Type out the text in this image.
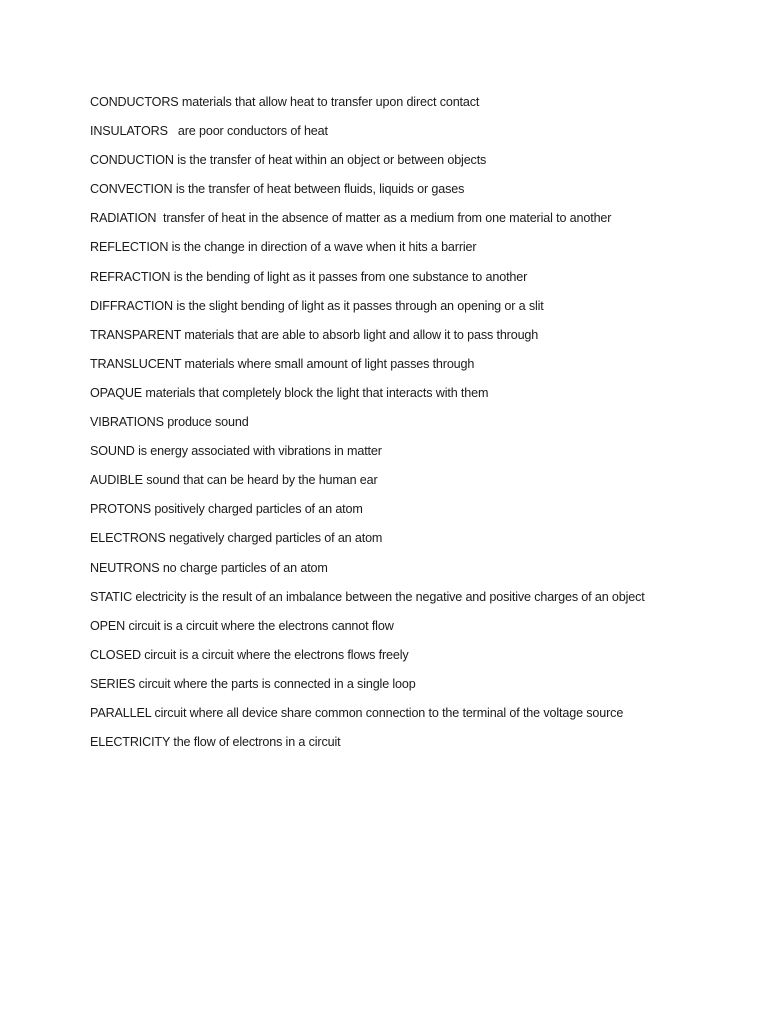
CONDUCTORS materials that allow heat to transfer upon direct contact
INSULATORS   are poor conductors of heat
CONDUCTION is the transfer of heat within an object or between objects
CONVECTION is the transfer of heat between fluids, liquids or gases
RADIATION  transfer of heat in the absence of matter as a medium from one material to another
REFLECTION is the change in direction of a wave when it hits a barrier
REFRACTION is the bending of light as it passes from one substance to another
DIFFRACTION is the slight bending of light as it passes through an opening or a slit
TRANSPARENT materials that are able to absorb light and allow it to pass through
TRANSLUCENT materials where small amount of light passes through
OPAQUE materials that completely block the light that interacts with them
VIBRATIONS produce sound
SOUND is energy associated with vibrations in matter
AUDIBLE sound that can be heard by the human ear
PROTONS positively charged particles of an atom
ELECTRONS negatively charged particles of an atom
NEUTRONS no charge particles of an atom
STATIC electricity is the result of an imbalance between the negative and positive charges of an object
OPEN circuit is a circuit where the electrons cannot flow
CLOSED circuit is a circuit where the electrons flows freely
SERIES circuit where the parts is connected in a single loop
PARALLEL circuit where all device share common connection to the terminal of the voltage source
ELECTRICITY the flow of electrons in a circuit
